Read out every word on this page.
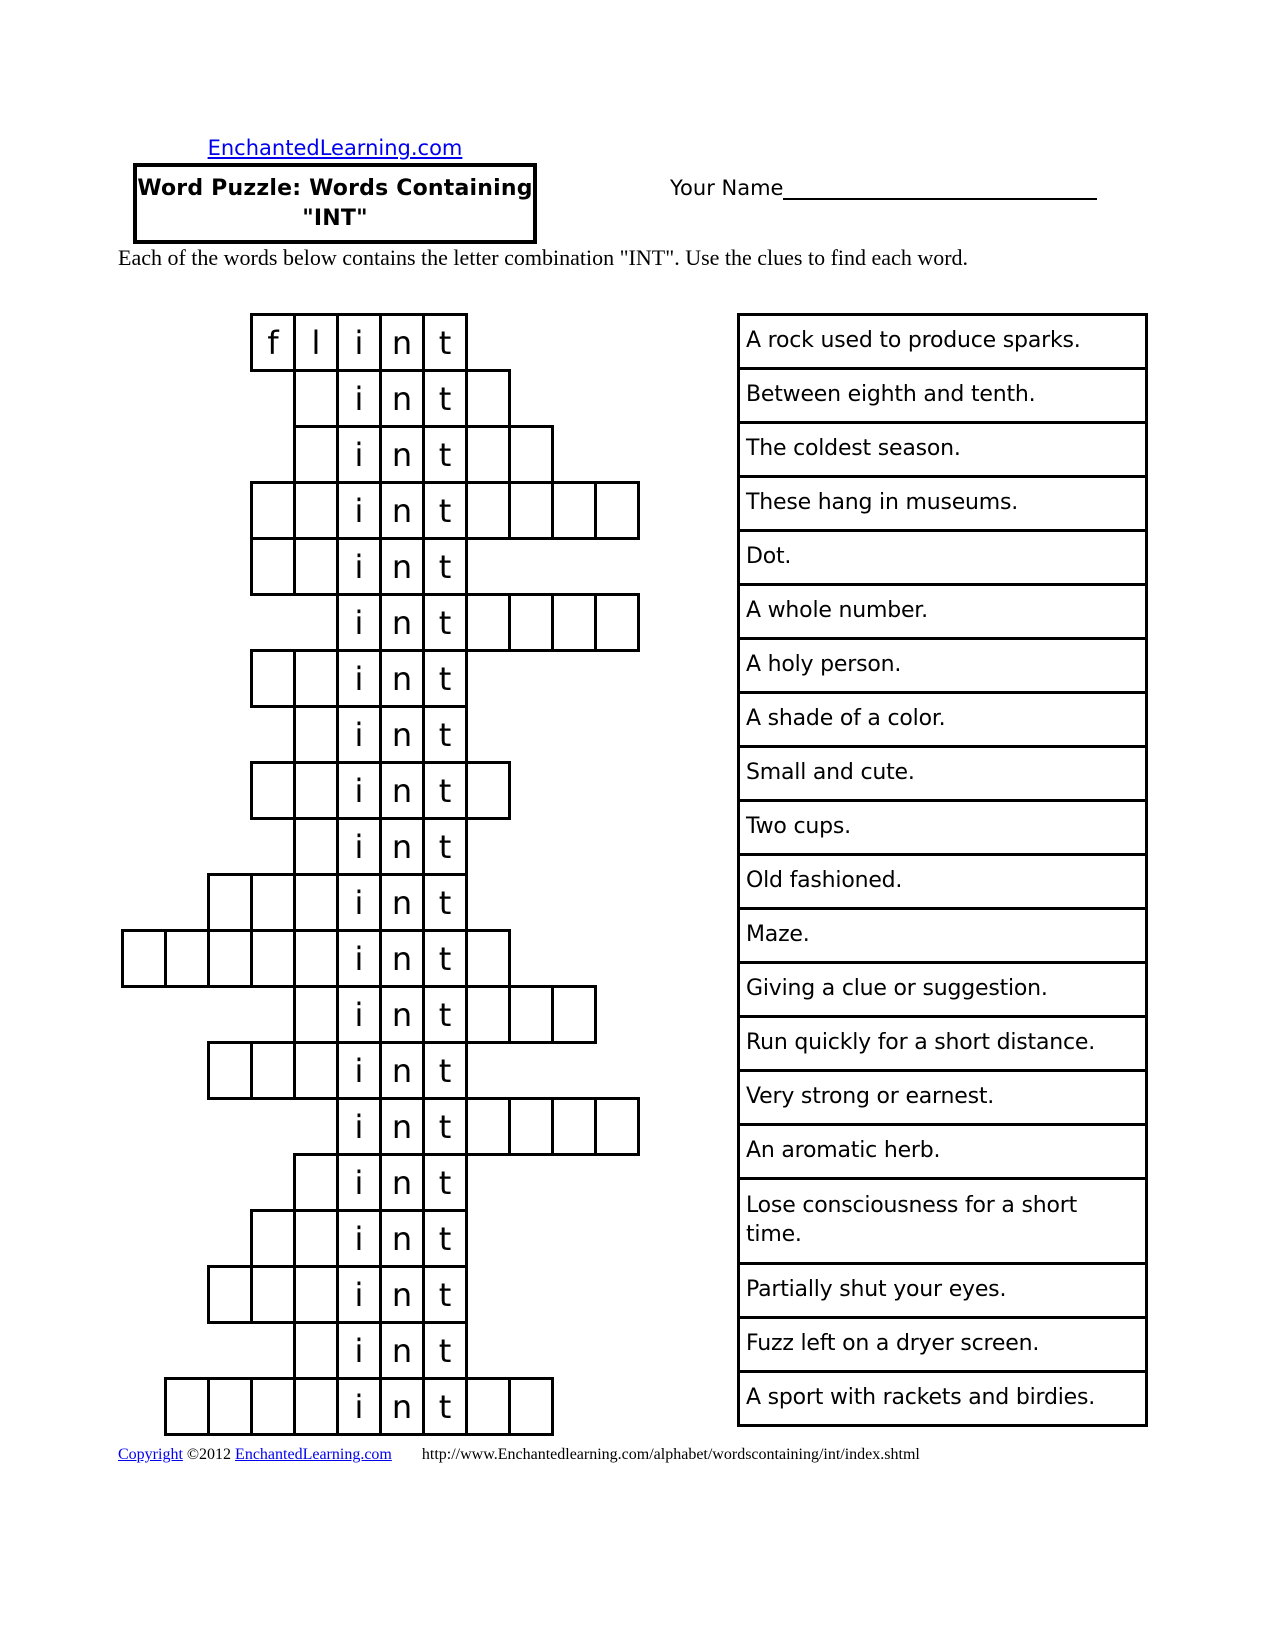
EnchantedLearning.com
Word Puzzle: Words Containing
"INT"
Your Name
Each of the words below contains the letter combination "INT". Use the clues to find each word.
f	l	i n t
i n t
i n t
i n t
i n t
i n t
i n t
i n t
i n t
i n t
i n t
i n t
i n t
i n t
i n t
i n t
i n t
i n t
i n t
i n t
A rock used to produce sparks.
Between eighth and tenth.
The coldest season.
These hang in museums.
Dot.
A whole number.
A holy person.
A shade of a color.
Small and cute.
Two cups.
Old fashioned.
Maze.
Giving a clue or suggestion.
Run quickly for a short distance.
Very strong or earnest.
An aromatic herb.
Lose consciousness for a short time.
Partially shut your eyes.
Fuzz left on a dryer screen.
A sport with rackets and birdies.
Copyright ©2012 EnchantedLearning.com http://www.Enchantedlearning.com/alphabet/wordscontaining/int/index.shtml
